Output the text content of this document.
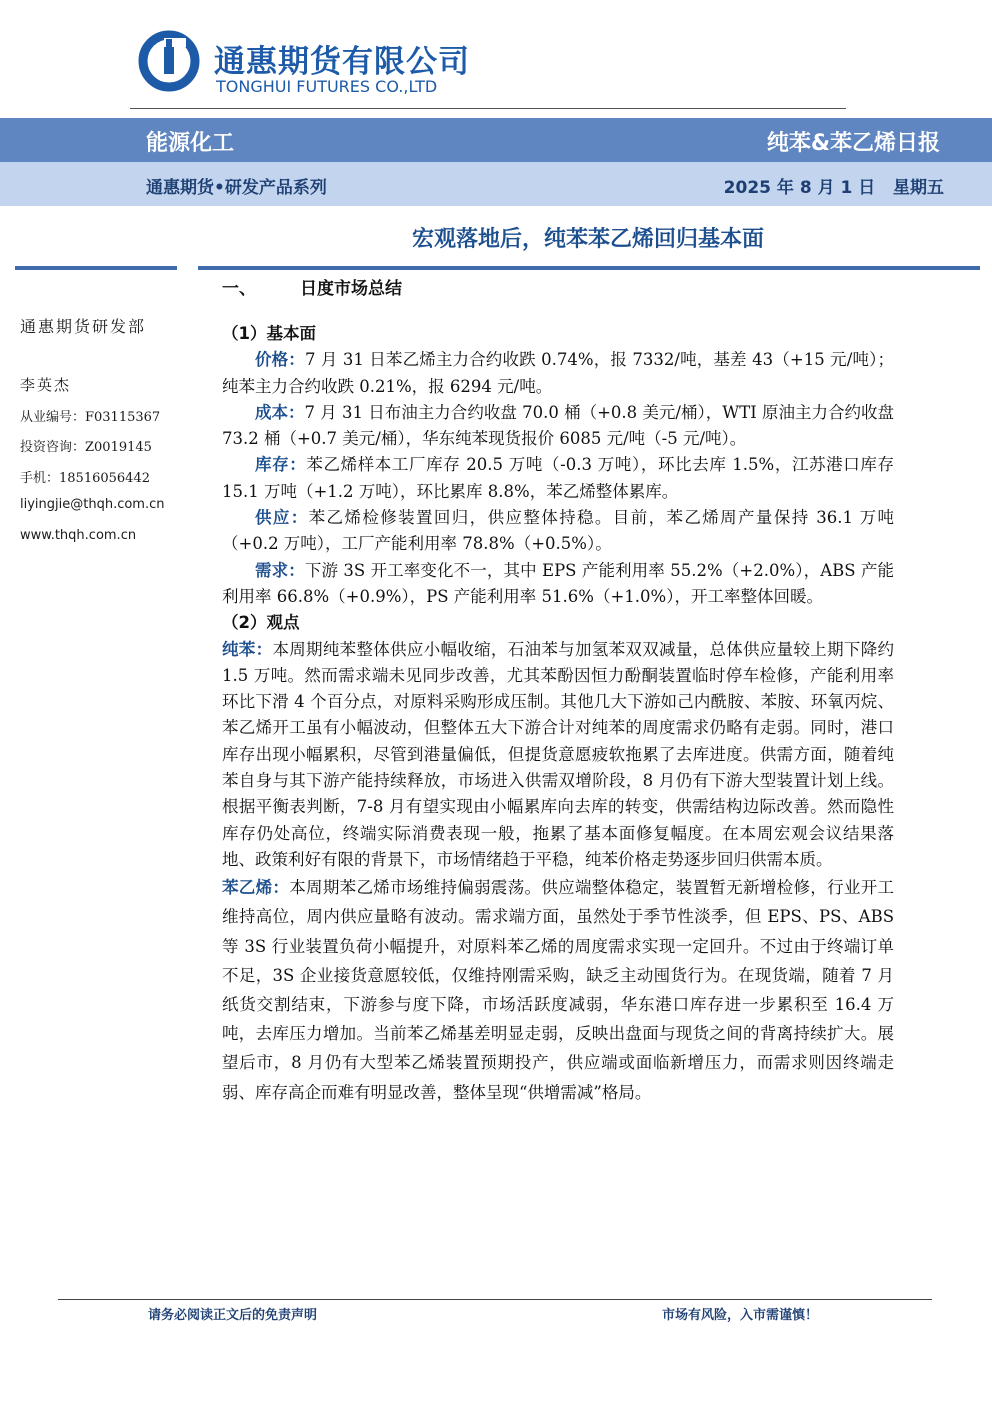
通惠期货有限公司
TONGHUI FUTURES CO.,LTD
能源化工	纯苯&苯乙烯日报
通惠期货•研发产品系列	2025 年 8 月 1 日   星期五
宏观落地后，纯苯苯乙烯回归基本面
通惠期货研发部
李英杰
从业编号：F03115367
投资咨询：Z0019145
手机：18516056442
liyingjie@thqh.com.cn
www.thqh.com.cn
一、	日度市场总结
（1）基本面

价格：7 月 31 日苯乙烯主力合约收跌 0.74%，报 7332/吨，基差 43（+15 元/吨）；纯苯主力合约收跌 0.21%，报 6294 元/吨。

成本：7 月 31 日布油主力合约收盘 70.0 桶（+0.8 美元/桶），WTI 原油主力合约收盘 73.2 桶（+0.7 美元/桶），华东纯苯现货报价 6085 元/吨（-5 元/吨）。

库存：苯乙烯样本工厂库存 20.5 万吨（-0.3 万吨），环比去库 1.5%，江苏港口库存 15.1 万吨（+1.2 万吨），环比累库 8.8%，苯乙烯整体累库。

供应：苯乙烯检修装置回归，供应整体持稳。目前，苯乙烯周产量保持 36.1 万吨（+0.2 万吨），工厂产能利用率 78.8%（+0.5%）。

需求：下游 3S 开工率变化不一，其中 EPS 产能利用率 55.2%（+2.0%），ABS 产能利用率 66.8%（+0.9%），PS 产能利用率 51.6%（+1.0%），开工率整体回暖。

（2）观点

纯苯：本周期纯苯整体供应小幅收缩，石油苯与加氢苯双双减量，总体供应量较上期下降约 1.5 万吨。然而需求端未见同步改善，尤其苯酚因恒力酚酮装置临时停车检修，产能利用率环比下滑 4 个百分点，对原料采购形成压制。其他几大下游如己内酰胺、苯胺、环氧丙烷、苯乙烯开工虽有小幅波动，但整体五大下游合计对纯苯的周度需求仍略有走弱。同时，港口库存出现小幅累积，尽管到港量偏低，但提货意愿疲软拖累了去库进度。供需方面，随着纯苯自身与其下游产能持续释放，市场进入供需双增阶段，8 月仍有下游大型装置计划上线。根据平衡表判断，7-8 月有望实现由小幅累库向去库的转变，供需结构边际改善。然而隐性库存仍处高位，终端实际消费表现一般，拖累了基本面修复幅度。在本周宏观会议结果落地、政策利好有限的背景下，市场情绪趋于平稳，纯苯价格走势逐步回归供需本质。

苯乙烯：本周期苯乙烯市场维持偏弱震荡。供应端整体稳定，装置暂无新增检修，行业开工维持高位，周内供应量略有波动。需求端方面，虽然处于季节性淡季，但 EPS、PS、ABS 等 3S 行业装置负荷小幅提升，对原料苯乙烯的周度需求实现一定回升。不过由于终端订单不足，3S 企业接货意愿较低，仅维持刚需采购，缺乏主动囤货行为。在现货端，随着 7 月纸货交割结束，下游参与度下降，市场活跃度减弱，华东港口库存进一步累积至 16.4 万吨，去库压力增加。当前苯乙烯基差明显走弱，反映出盘面与现货之间的背离持续扩大。展望后市，8 月仍有大型苯乙烯装置预期投产，供应端或面临新增压力，而需求则因终端走弱、库存高企而难有明显改善，整体呈现“供增需减”格局。

请务必阅读正文后的免责声明	市场有风险，入市需谨慎！
